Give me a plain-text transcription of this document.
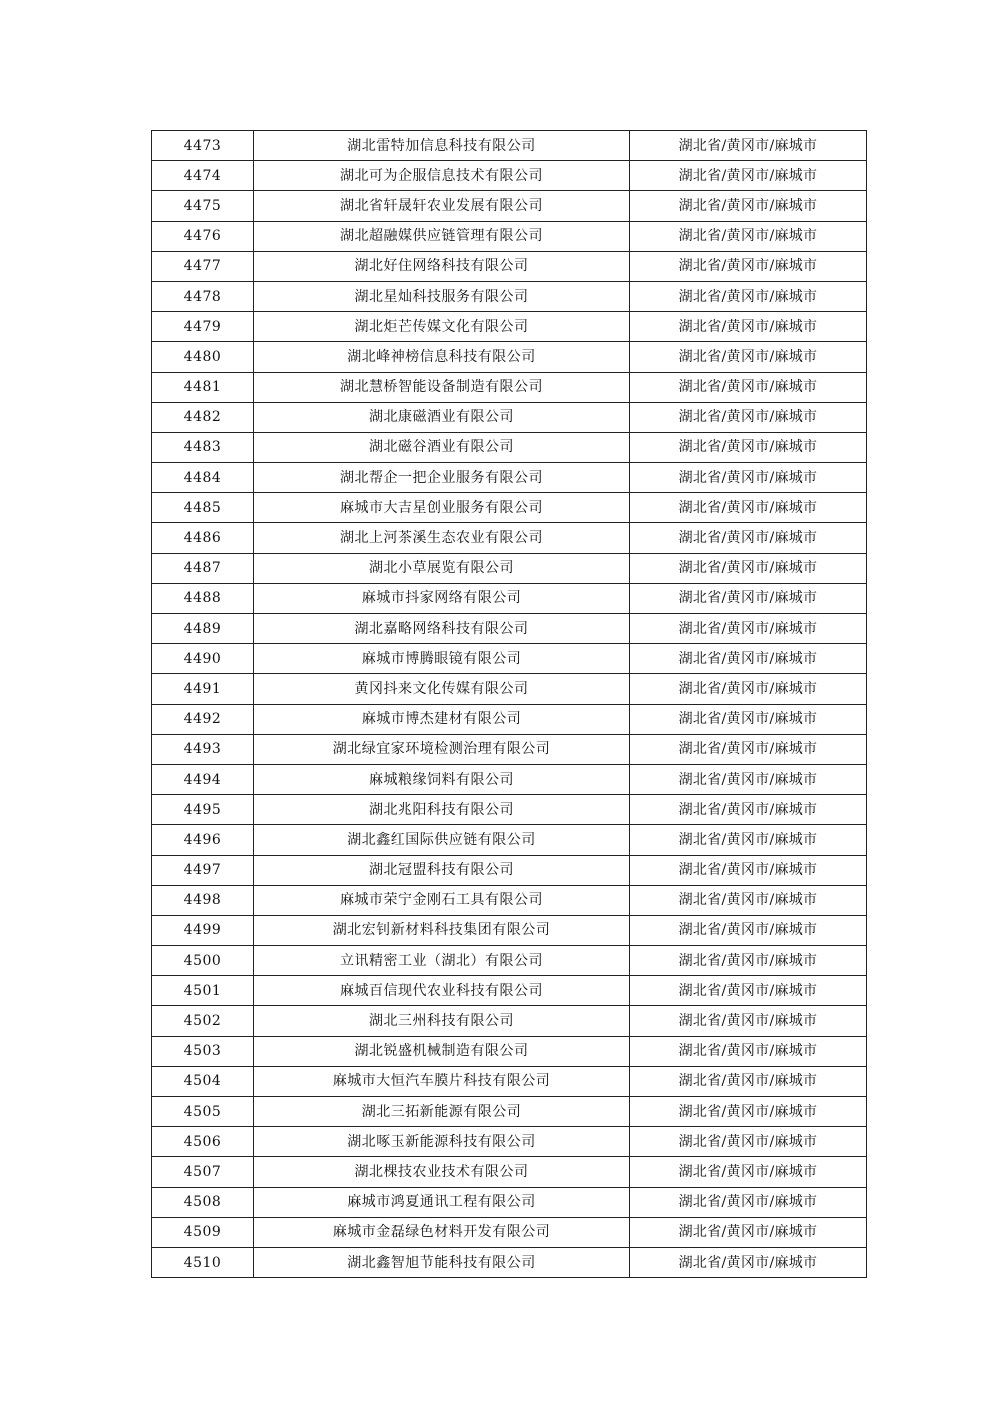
4473	湖北雷特加信息科技有限公司	湖北省/黄冈市/麻城市
4474	湖北可为企服信息技术有限公司	湖北省/黄冈市/麻城市
4475	湖北省轩晟轩农业发展有限公司	湖北省/黄冈市/麻城市
4476	湖北超融媒供应链管理有限公司	湖北省/黄冈市/麻城市
4477	湖北好住网络科技有限公司	湖北省/黄冈市/麻城市
4478	湖北星灿科技服务有限公司	湖北省/黄冈市/麻城市
4479	湖北炬芒传媒文化有限公司	湖北省/黄冈市/麻城市
4480	湖北峰神榜信息科技有限公司	湖北省/黄冈市/麻城市
4481	湖北慧桥智能设备制造有限公司	湖北省/黄冈市/麻城市
4482	湖北康磁酒业有限公司	湖北省/黄冈市/麻城市
4483	湖北磁谷酒业有限公司	湖北省/黄冈市/麻城市
4484	湖北帮企一把企业服务有限公司	湖北省/黄冈市/麻城市
4485	麻城市大吉星创业服务有限公司	湖北省/黄冈市/麻城市
4486	湖北上河茶溪生态农业有限公司	湖北省/黄冈市/麻城市
4487	湖北小草展览有限公司	湖北省/黄冈市/麻城市
4488	麻城市抖家网络有限公司	湖北省/黄冈市/麻城市
4489	湖北嘉略网络科技有限公司	湖北省/黄冈市/麻城市
4490	麻城市博腾眼镜有限公司	湖北省/黄冈市/麻城市
4491	黄冈抖来文化传媒有限公司	湖北省/黄冈市/麻城市
4492	麻城市博杰建材有限公司	湖北省/黄冈市/麻城市
4493	湖北绿宜家环境检测治理有限公司	湖北省/黄冈市/麻城市
4494	麻城粮缘饲料有限公司	湖北省/黄冈市/麻城市
4495	湖北兆阳科技有限公司	湖北省/黄冈市/麻城市
4496	湖北鑫红国际供应链有限公司	湖北省/黄冈市/麻城市
4497	湖北冠盟科技有限公司	湖北省/黄冈市/麻城市
4498	麻城市荣宁金刚石工具有限公司	湖北省/黄冈市/麻城市
4499	湖北宏钊新材料科技集团有限公司	湖北省/黄冈市/麻城市
4500	立讯精密工业（湖北）有限公司	湖北省/黄冈市/麻城市
4501	麻城百信现代农业科技有限公司	湖北省/黄冈市/麻城市
4502	湖北三州科技有限公司	湖北省/黄冈市/麻城市
4503	湖北锐盛机械制造有限公司	湖北省/黄冈市/麻城市
4504	麻城市大恒汽车膜片科技有限公司	湖北省/黄冈市/麻城市
4505	湖北三拓新能源有限公司	湖北省/黄冈市/麻城市
4506	湖北啄玉新能源科技有限公司	湖北省/黄冈市/麻城市
4507	湖北棵技农业技术有限公司	湖北省/黄冈市/麻城市
4508	麻城市鸿夏通讯工程有限公司	湖北省/黄冈市/麻城市
4509	麻城市金磊绿色材料开发有限公司	湖北省/黄冈市/麻城市
4510	湖北鑫智旭节能科技有限公司	湖北省/黄冈市/麻城市
